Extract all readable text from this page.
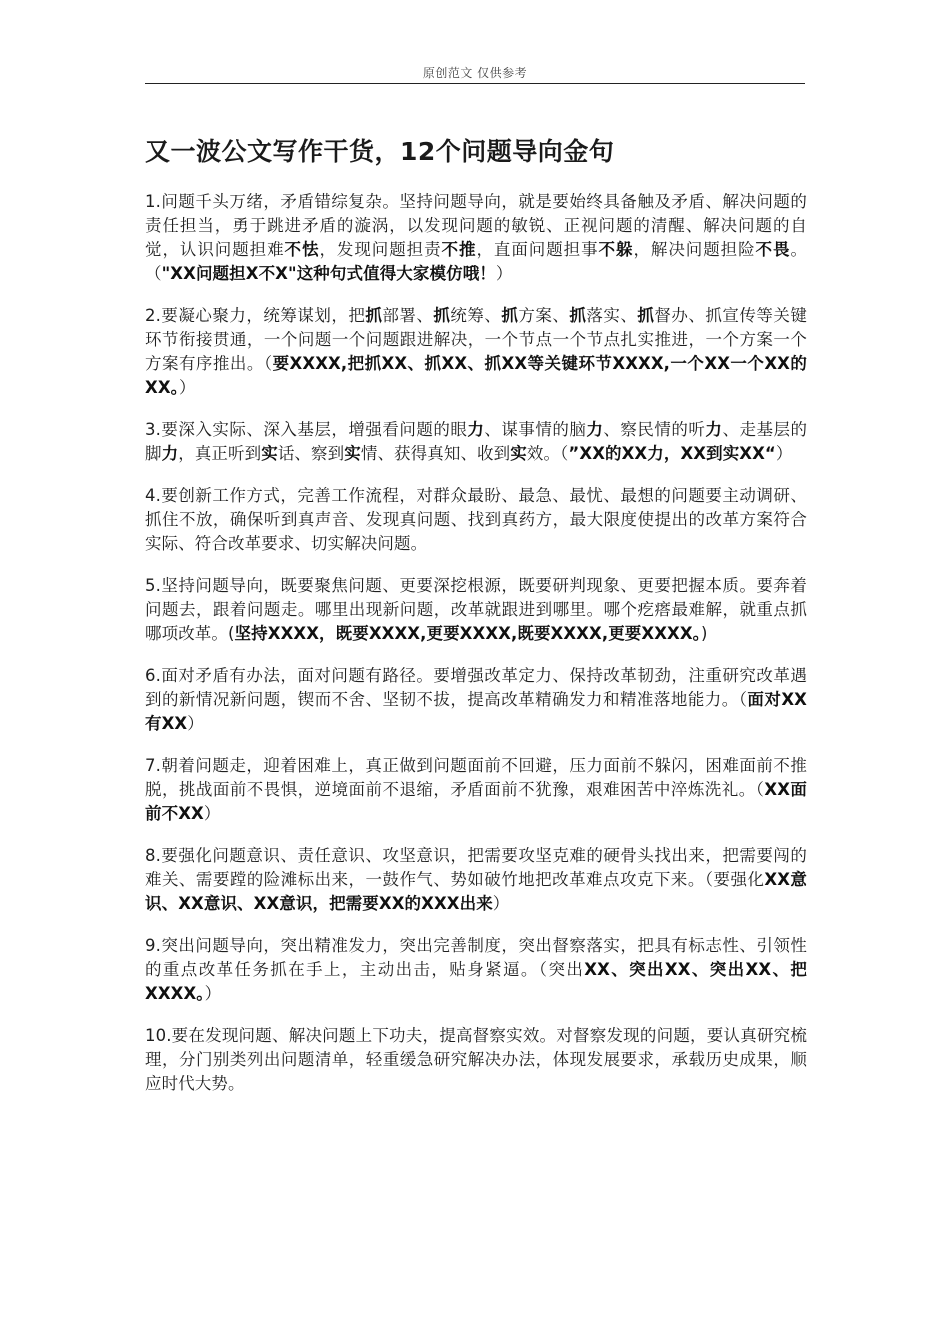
原创范文 仅供参考
又一波公文写作干货，12个问题导向金句

1.问题千头万绪，矛盾错综复杂。坚持问题导向，就是要始终具备触及矛盾、解决问题的责任担当，勇于跳进矛盾的漩涡，以发现问题的敏锐、正视问题的清醒、解决问题的自觉，认识问题担难不怯，发现问题担责不推，直面问题担事不躲，解决问题担险不畏。（"XX问题担X不X"这种句式值得大家模仿哦！）

2.要凝心聚力，统筹谋划，把抓部署、抓统筹、抓方案、抓落实、抓督办、抓宣传等关键环节衔接贯通，一个问题一个问题跟进解决，一个节点一个节点扎实推进，一个方案一个方案有序推出。（要XXXX,把抓XX、抓XX、抓XX等关键环节XXXX,一个XX一个XX的XX。）

3.要深入实际、深入基层，增强看问题的眼力、谋事情的脑力、察民情的听力、走基层的脚力，真正听到实话、察到实情、获得真知、收到实效。（”XX的XX力，XX到实XX“）

4.要创新工作方式，完善工作流程，对群众最盼、最急、最忧、最想的问题要主动调研、抓住不放，确保听到真声音、发现真问题、找到真药方，最大限度使提出的改革方案符合实际、符合改革要求、切实解决问题。

5.坚持问题导向，既要聚焦问题、更要深挖根源，既要研判现象、更要把握本质。要奔着问题去，跟着问题走。哪里出现新问题，改革就跟进到哪里。哪个疙瘩最难解，就重点抓哪项改革。(坚持XXXX，既要XXXX,更要XXXX,既要XXXX,更要XXXX。)

6.面对矛盾有办法，面对问题有路径。要增强改革定力、保持改革韧劲，注重研究改革遇到的新情况新问题，锲而不舍、坚韧不拔，提高改革精确发力和精准落地能力。（面对XX有XX）

7.朝着问题走，迎着困难上，真正做到问题面前不回避，压力面前不躲闪，困难面前不推脱，挑战面前不畏惧，逆境面前不退缩，矛盾面前不犹豫，艰难困苦中淬炼洗礼。（XX面前不XX）

8.要强化问题意识、责任意识、攻坚意识，把需要攻坚克难的硬骨头找出来，把需要闯的难关、需要蹚的险滩标出来，一鼓作气、势如破竹地把改革难点攻克下来。（要强化XX意识、XX意识、XX意识，把需要XX的XXX出来）

9.突出问题导向，突出精准发力，突出完善制度，突出督察落实，把具有标志性、引领性的重点改革任务抓在手上，主动出击，贴身紧逼。（突出XX、突出XX、突出XX、把XXXX。）

10.要在发现问题、解决问题上下功夫，提高督察实效。对督察发现的问题，要认真研究梳理，分门别类列出问题清单，轻重缓急研究解决办法，体现发展要求，承载历史成果，顺应时代大势。
